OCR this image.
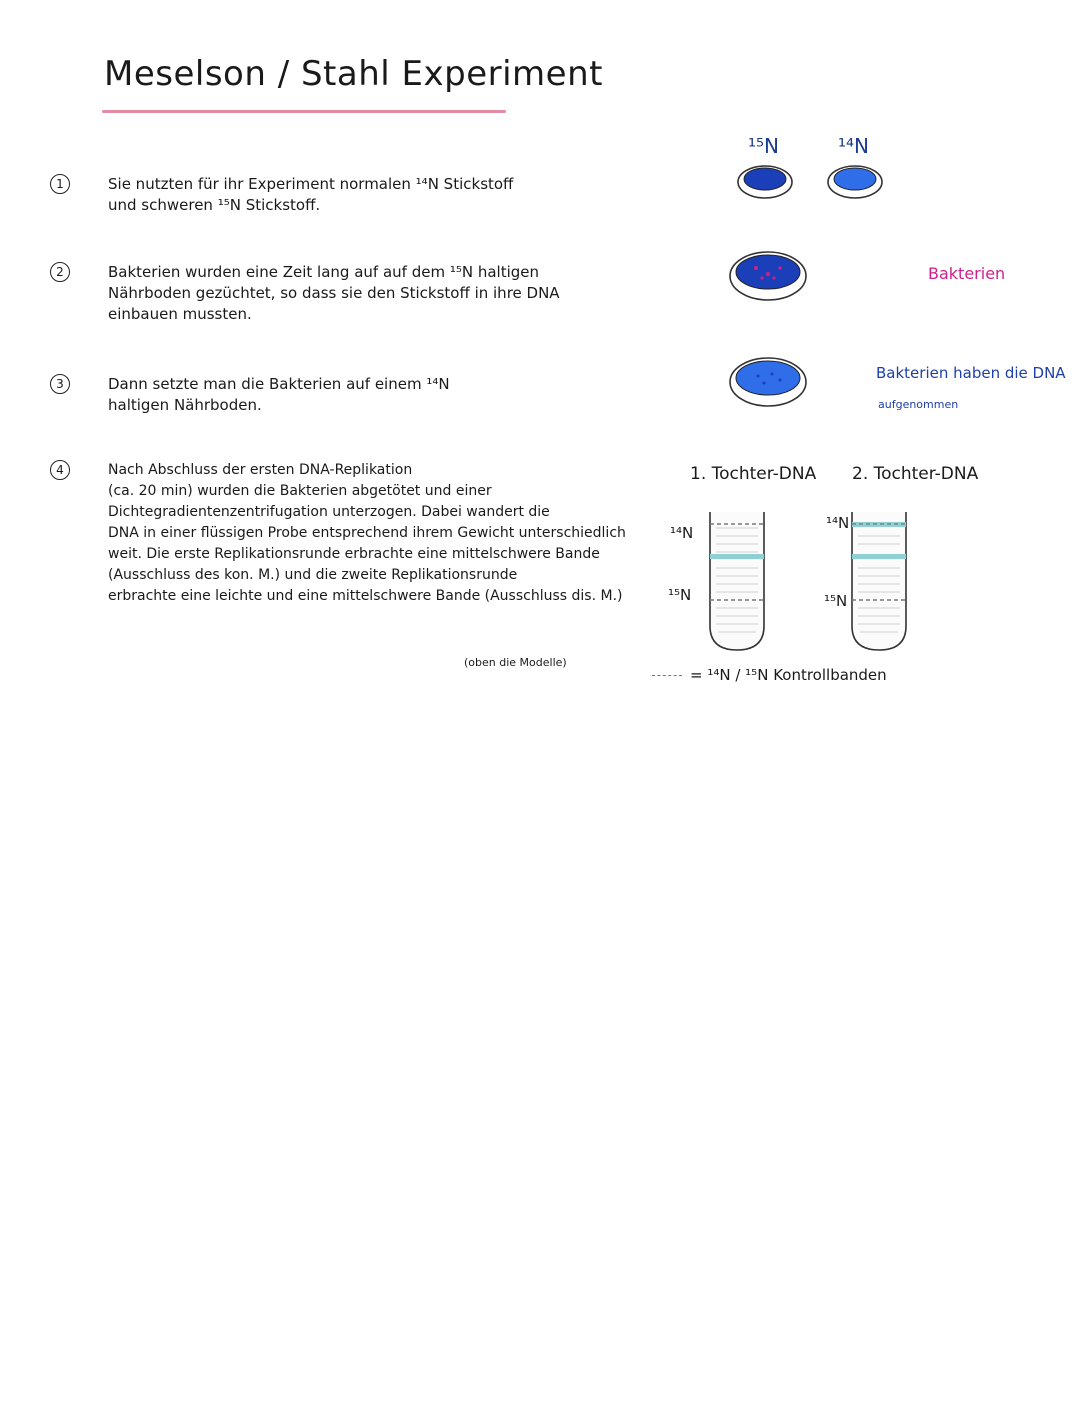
Meselson / Stahl Experiment
1	Sie nutzten für ihr Experiment normalen ¹⁴N Stickstoff
und schweren ¹⁵N Stickstoff.
2	Bakterien wurden eine Zeit lang auf auf dem ¹⁵N haltigen
Nährboden gezüchtet, so dass sie den Stickstoff in ihre DNA
einbauen mussten.
3	Dann setzte man die Bakterien auf einem ¹⁴N
haltigen Nährboden.
4	Nach Abschluss der ersten DNA-Replikation
(ca. 20 min) wurden die Bakterien abgetötet und einer
Dichtegradientenzentrifugation unterzogen. Dabei wandert die
DNA in einer flüssigen Probe entsprechend ihrem Gewicht unterschiedlich
weit. Die erste Replikationsrunde erbrachte eine mittelschwere Bande
(Ausschluss des kon. M.) und die zweite Replikationsrunde
erbrachte eine leichte und eine mittelschwere Bande (Ausschluss dis. M.)
(oben die Modelle)
¹⁵N	¹⁴N
Bakterien
Bakterien haben die DNA
aufgenommen
1. Tochter-DNA 2. Tochter-DNA
¹⁴N
¹⁵N
¹⁴N
¹⁵N
= ¹⁴N / ¹⁵N Kontrollbanden
